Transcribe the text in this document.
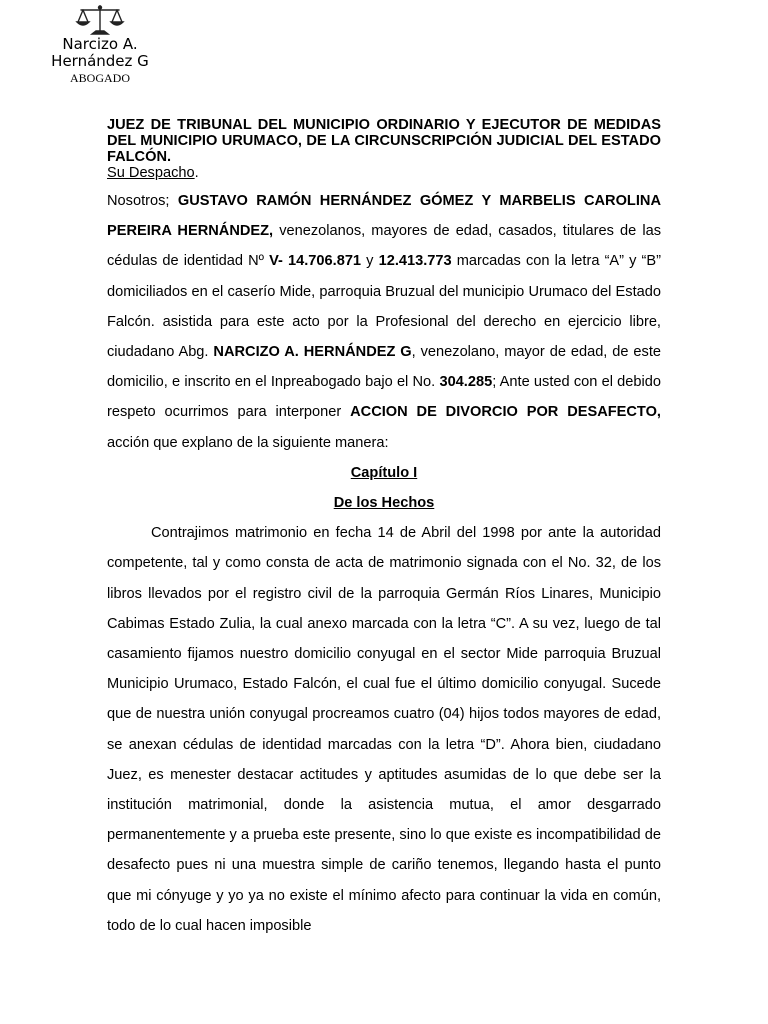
Narcizo A.
Hernández G
ABOGADO

JUEZ DE TRIBUNAL DEL MUNICIPIO ORDINARIO Y EJECUTOR DE MEDIDAS DEL MUNICIPIO URUMACO, DE LA CIRCUNSCRIPCIÓN JUDICIAL DEL ESTADO FALCÓN.

Su Despacho.

Nosotros; GUSTAVO RAMÓN HERNÁNDEZ GÓMEZ Y MARBELIS CAROLINA PEREIRA HERNÁNDEZ, venezolanos, mayores de edad, casados, titulares de las cédulas de identidad Nº V- 14.706.871 y 12.413.773 marcadas con la letra “A” y “B” domiciliados en el caserío Mide, parroquia Bruzual del municipio Urumaco del Estado Falcón. asistida para este acto por la Profesional del derecho en ejercicio libre, ciudadano Abg. NARCIZO A. HERNÁNDEZ G, venezolano, mayor de edad, de este domicilio, e inscrito en el Inpreabogado bajo el No. 304.285; Ante usted con el debido respeto ocurrimos para interponer ACCION DE DIVORCIO POR DESAFECTO, acción que explano de la siguiente manera:

Capítulo I

De los Hechos

Contrajimos matrimonio en fecha 14 de Abril del 1998 por ante la autoridad competente, tal y como consta de acta de matrimonio signada con el No. 32, de los libros llevados por el registro civil de la parroquia Germán Ríos Linares, Municipio Cabimas Estado Zulia, la cual anexo marcada con la letra “C”. A su vez, luego de tal casamiento fijamos nuestro domicilio conyugal en el sector Mide parroquia Bruzual Municipio Urumaco, Estado Falcón, el cual fue el último domicilio conyugal. Sucede que de nuestra unión conyugal procreamos cuatro (04) hijos todos mayores de edad, se anexan cédulas de identidad marcadas con la letra “D”. Ahora bien, ciudadano Juez, es menester destacar actitudes y aptitudes asumidas de lo que debe ser la institución matrimonial, donde la asistencia mutua, el amor desgarrado permanentemente y a prueba este presente, sino lo que existe es incompatibilidad de desafecto pues ni una muestra simple de cariño tenemos, llegando hasta el punto que mi cónyuge y yo ya no existe el mínimo afecto para continuar la vida en común, todo de lo cual hacen imposible
